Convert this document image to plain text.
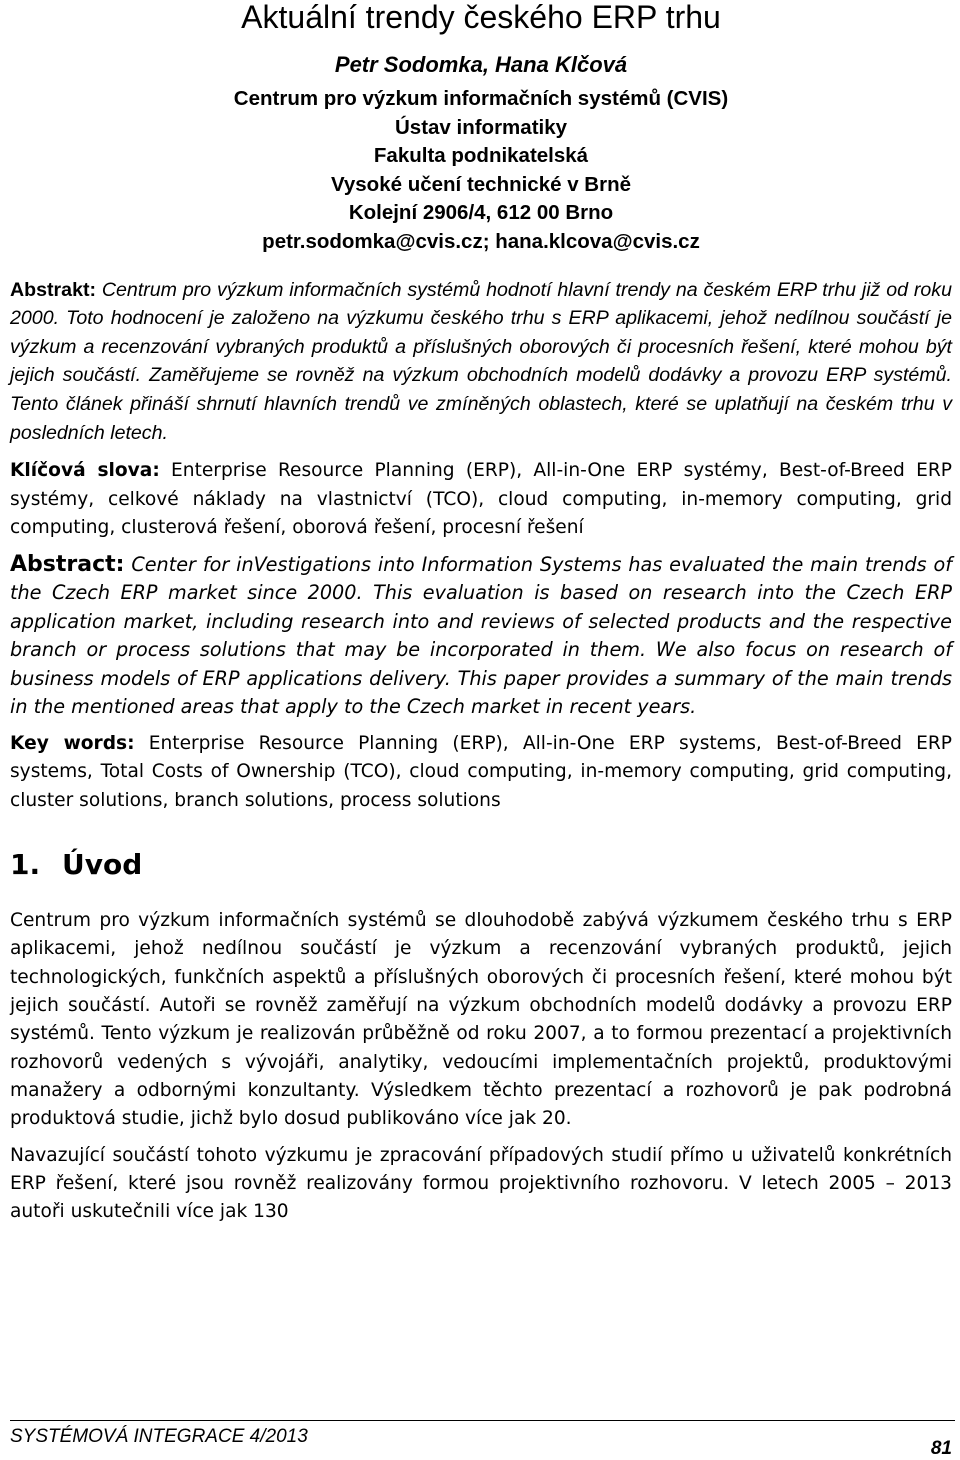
Aktuální trendy českého ERP trhu
Petr Sodomka, Hana Klčová
Centrum pro výzkum informačních systémů (CVIS)
Ústav informatiky
Fakulta podnikatelská
Vysoké učení technické v Brně
Kolejní 2906/4, 612 00 Brno
petr.sodomka@cvis.cz; hana.klcova@cvis.cz

Abstrakt: Centrum pro výzkum informačních systémů hodnotí hlavní trendy na českém ERP trhu již od roku 2000. Toto hodnocení je založeno na výzkumu českého trhu s ERP aplikacemi, jehož nedílnou součástí je výzkum a recenzování vybraných produktů a příslušných oborových či procesních řešení, které mohou být jejich součástí. Zaměřujeme se rovněž na výzkum obchodních modelů dodávky a provozu ERP systémů. Tento článek přináší shrnutí hlavních trendů ve zmíněných oblastech, které se uplatňují na českém trhu v posledních letech.

Klíčová slova: Enterprise Resource Planning (ERP), All-in-One ERP systémy, Best-of-Breed ERP systémy, celkové náklady na vlastnictví (TCO), cloud computing, in-memory computing, grid computing, clusterová řešení, oborová řešení, procesní řešení

Abstract: Center for inVestigations into Information Systems has evaluated the main trends of the Czech ERP market since 2000. This evaluation is based on research into the Czech ERP application market, including research into and reviews of selected products and the respective branch or process solutions that may be incorporated in them. We also focus on research of business models of ERP applications delivery. This paper provides a summary of the main trends in the mentioned areas that apply to the Czech market in recent years.

Key words: Enterprise Resource Planning (ERP), All-in-One ERP systems, Best-of-Breed ERP systems, Total Costs of Ownership (TCO), cloud computing, in-memory computing, grid computing, cluster solutions, branch solutions, process solutions

1. Úvod

Centrum pro výzkum informačních systémů se dlouhodobě zabývá výzkumem českého trhu s ERP aplikacemi, jehož nedílnou součástí je výzkum a recenzování vybraných produktů, jejich technologických, funkčních aspektů a příslušných oborových či procesních řešení, které mohou být jejich součástí. Autoři se rovněž zaměřují na výzkum obchodních modelů dodávky a provozu ERP systémů. Tento výzkum je realizován průběžně od roku 2007, a to formou prezentací a projektivních rozhovorů vedených s vývojáři, analytiky, vedoucími implementačních projektů, produktovými manažery a odbornými konzultanty. Výsledkem těchto prezentací a rozhovorů je pak podrobná produktová studie, jichž bylo dosud publikováno více jak 20.

Navazující součástí tohoto výzkumu je zpracování případových studií přímo u uživatelů konkrétních ERP řešení, které jsou rovněž realizovány formou projektivního rozhovoru. V letech 2005 – 2013 autoři uskutečnili více jak 130

SYSTÉMOVÁ INTEGRACE 4/2013
81
